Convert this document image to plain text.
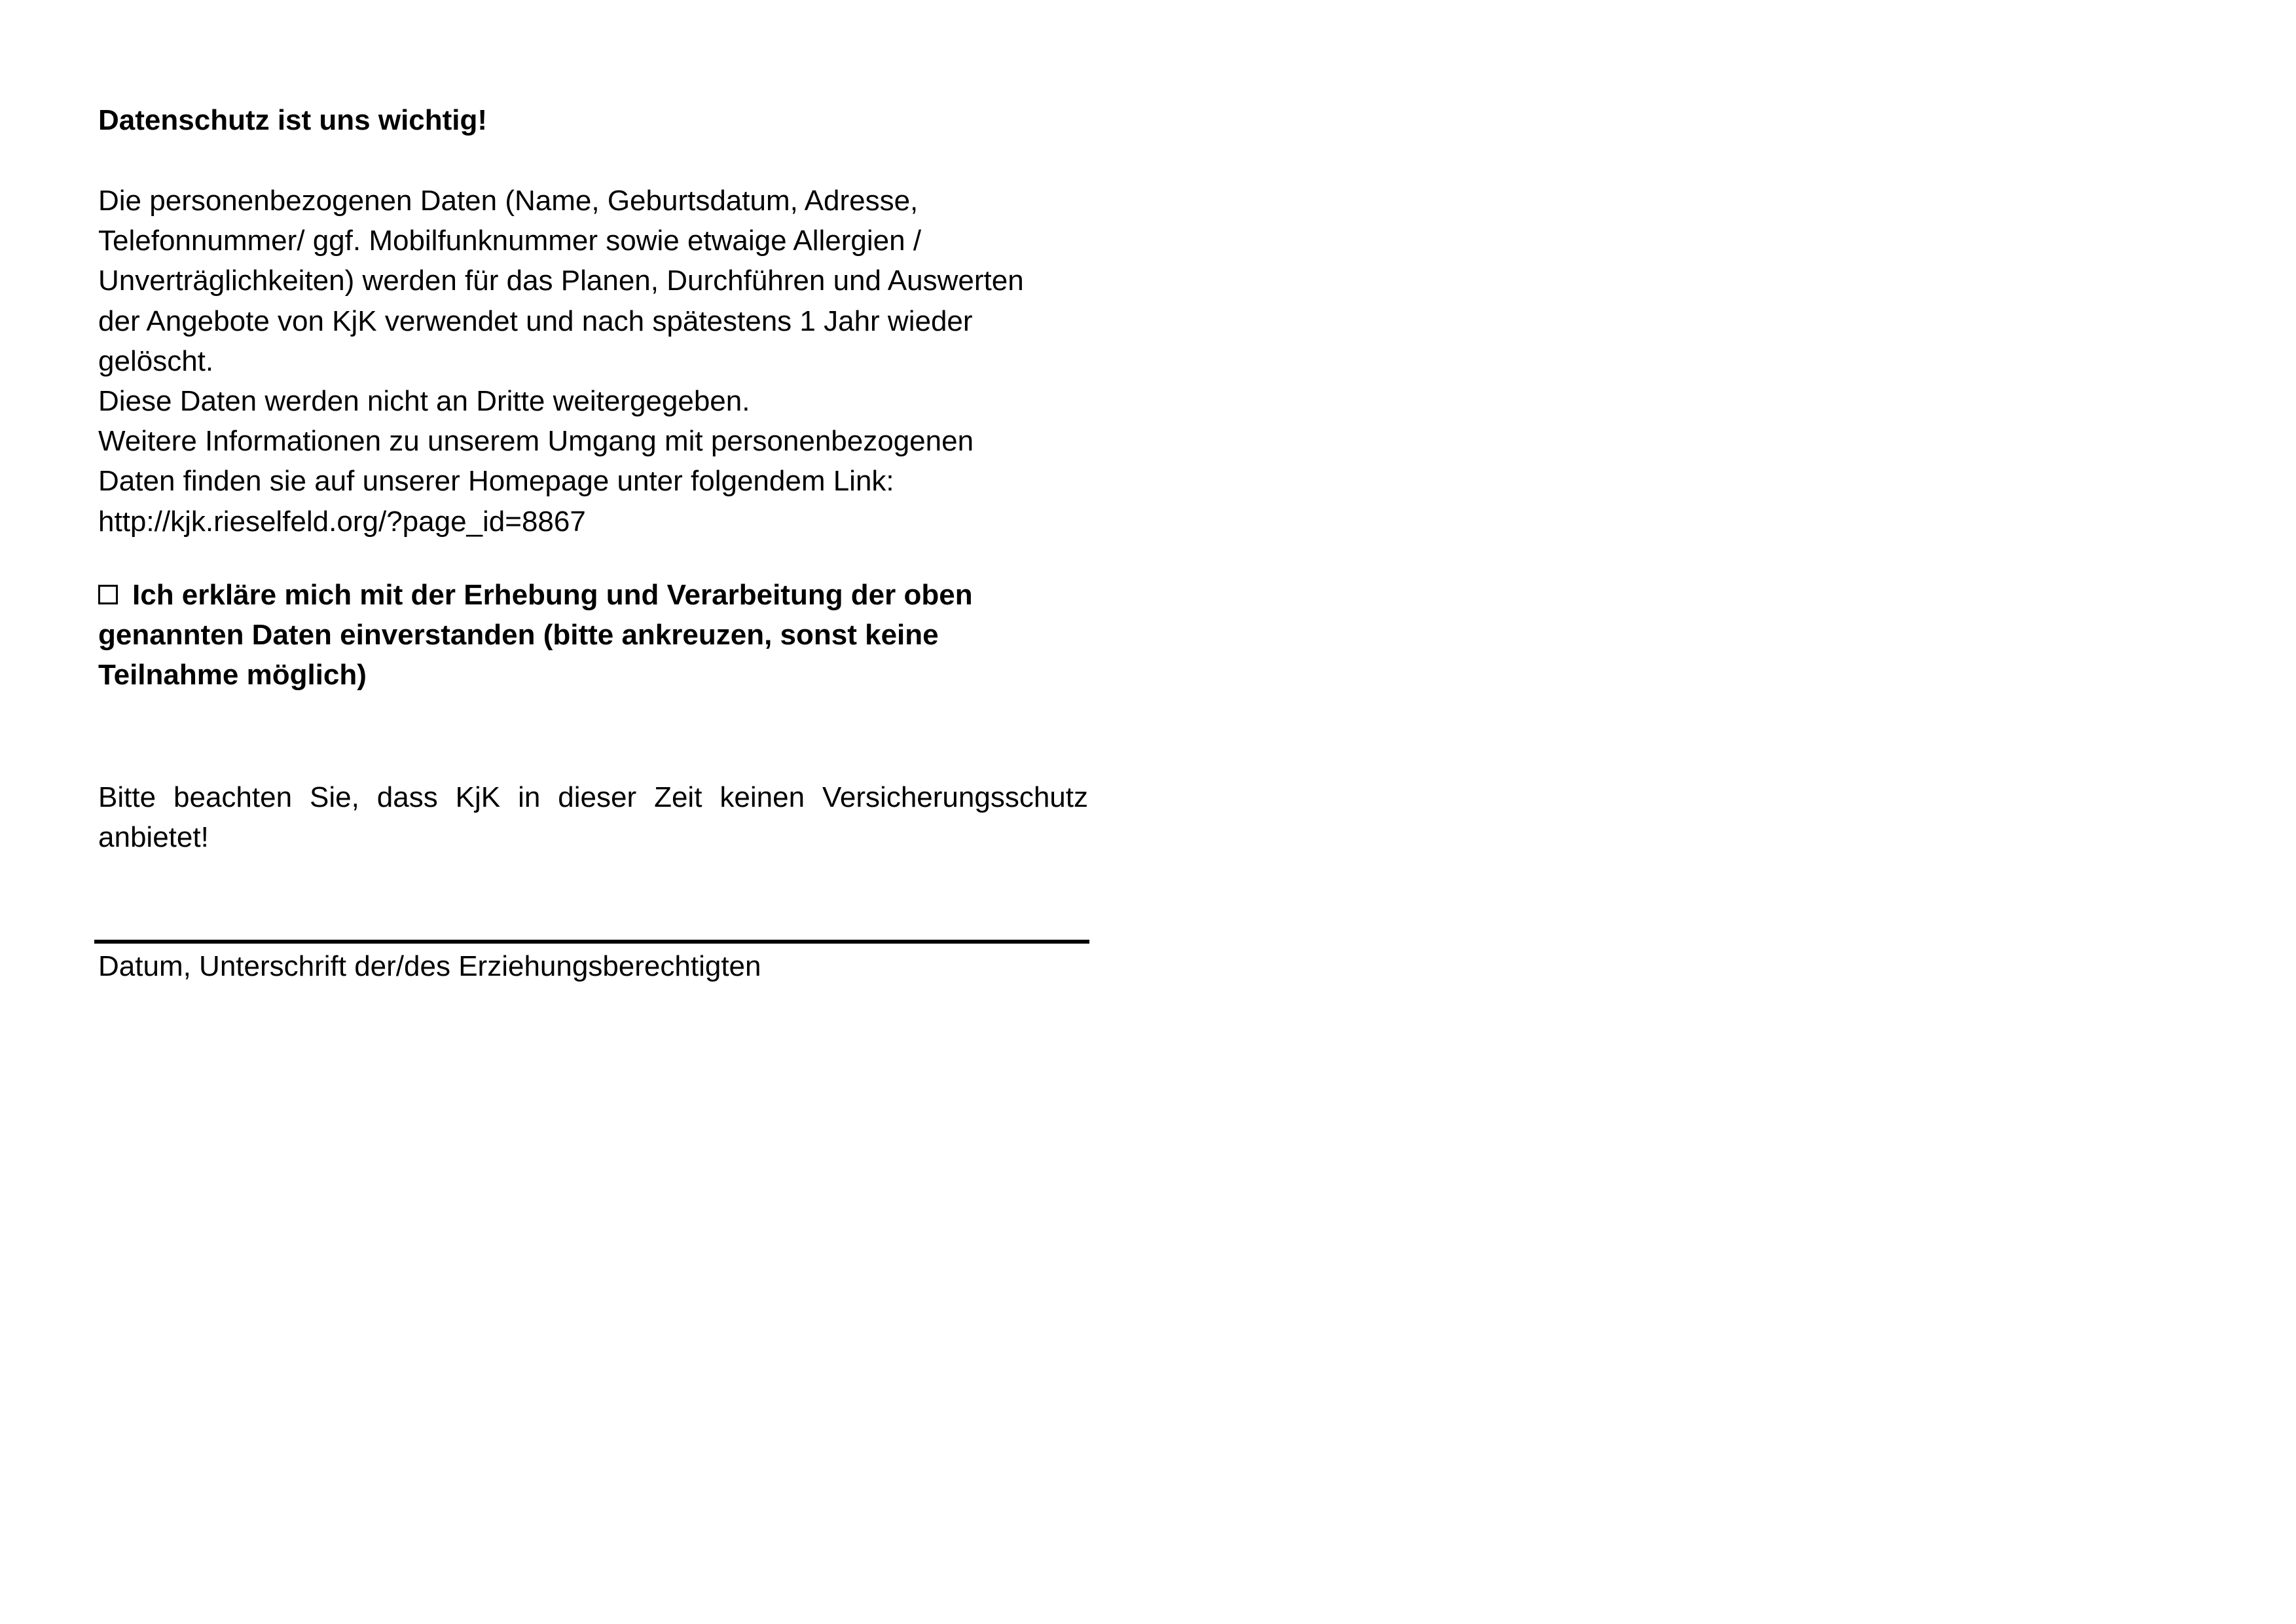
Datenschutz ist uns wichtig!
Die personenbezogenen Daten (Name, Geburtsdatum, Adresse,
Telefonnummer/ ggf. Mobilfunknummer sowie etwaige Allergien /
Unverträglichkeiten) werden für das Planen, Durchführen und Auswerten
der Angebote von KjK verwendet und nach spätestens 1 Jahr wieder
gelöscht.
Diese Daten werden nicht an Dritte weitergegeben.
Weitere Informationen zu unserem Umgang mit personenbezogenen
Daten finden sie auf unserer Homepage unter folgendem Link:
http://kjk.rieselfeld.org/?page_id=8867
Ich erkläre mich mit der Erhebung und Verarbeitung der oben
genannten Daten einverstanden (bitte ankreuzen, sonst keine
Teilnahme möglich)
Bitte beachten Sie, dass KjK in dieser Zeit keinen Versicherungsschutz anbietet!
Datum, Unterschrift der/des Erziehungsberechtigten
